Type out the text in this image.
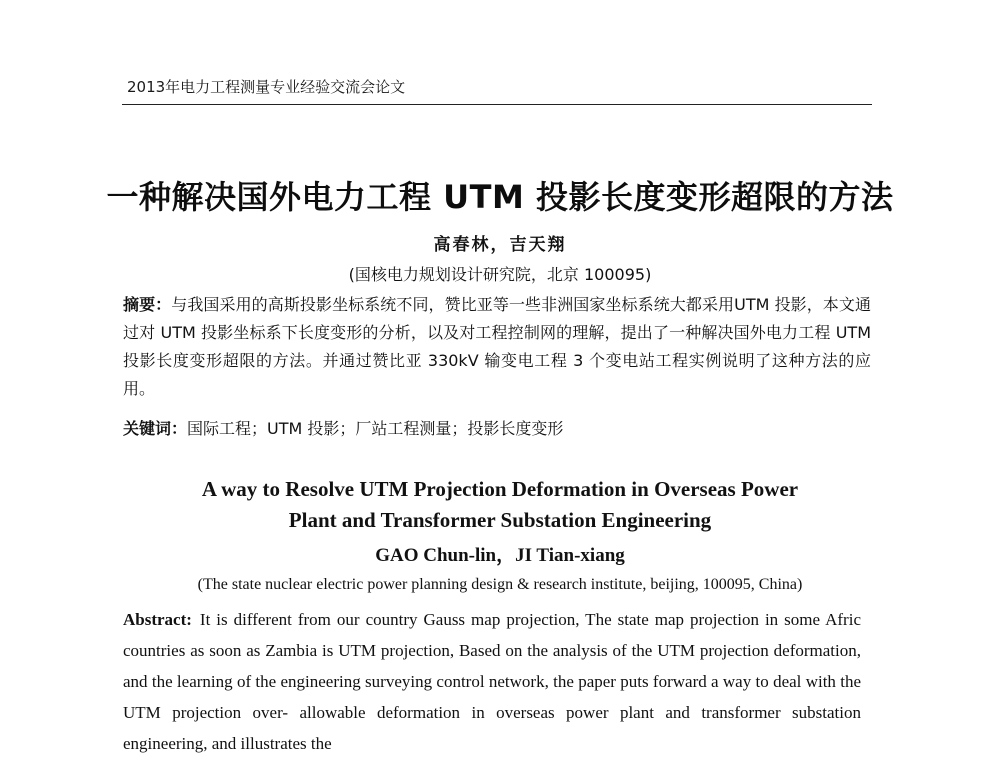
2013年电力工程测量专业经验交流会论文
一种解决国外电力工程 UTM 投影长度变形超限的方法
高春林，吉天翔
(国核电力规划设计研究院，北京 100095)

摘要：与我国采用的高斯投影坐标系统不同，赞比亚等一些非洲国家坐标系统大都采用UTM 投影，本文通过对 UTM 投影坐标系下长度变形的分析，以及对工程控制网的理解，提出了一种解决国外电力工程 UTM 投影长度变形超限的方法。并通过赞比亚 330kV 输变电工程 3 个变电站工程实例说明了这种方法的应用。

关键词：国际工程；UTM 投影；厂站工程测量；投影长度变形

A way to Resolve UTM Projection Deformation in Overseas Power
Plant and Transformer Substation Engineering
GAO Chun-lin，JI Tian-xiang
(The state nuclear electric power planning design & research institute, beijing, 100095, China)

Abstract: It is different from our country Gauss map projection, The state map projection in some Afric countries as soon as Zambia is UTM projection, Based on the analysis of the UTM projection deformation, and the learning of the engineering surveying control network, the paper puts forward a way to deal with the UTM projection over- allowable deformation in overseas power plant and transformer substation engineering, and illustrates the
